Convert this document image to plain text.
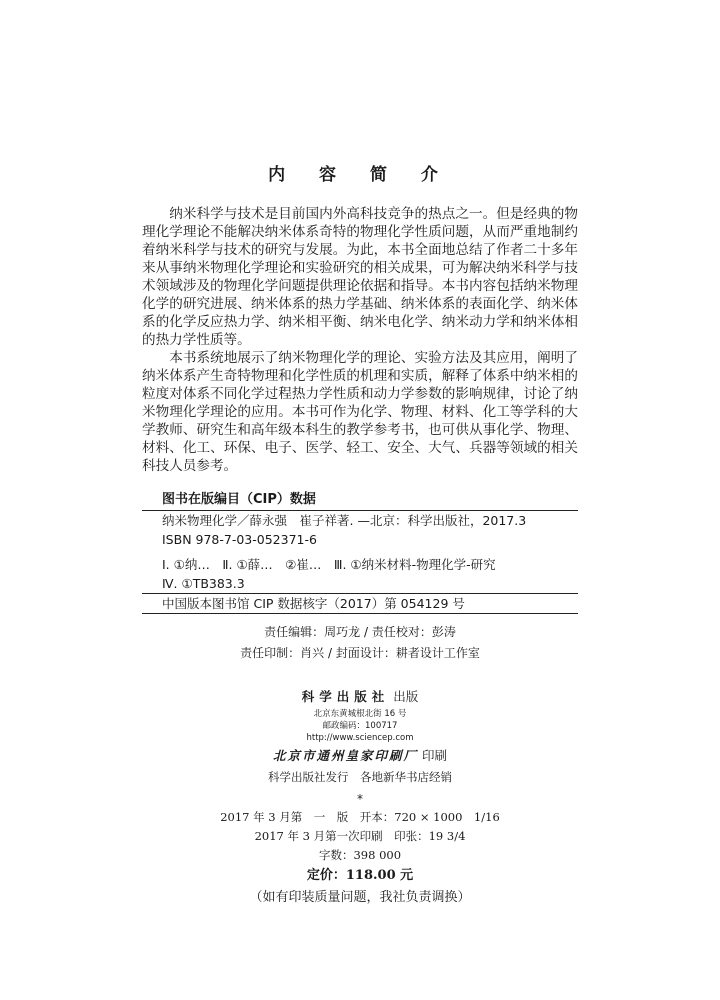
内 容 简 介

纳米科学与技术是目前国内外高科技竞争的热点之一。但是经典的物理化学理论不能解决纳米体系奇特的物理化学性质问题，从而严重地制约着纳米科学与技术的研究与发展。为此，本书全面地总结了作者二十多年来从事纳米物理化学理论和实验研究的相关成果，可为解决纳米科学与技术领域涉及的物理化学问题提供理论依据和指导。本书内容包括纳米物理化学的研究进展、纳米体系的热力学基础、纳米体系的表面化学、纳米体系的化学反应热力学、纳米相平衡、纳米电化学、纳米动力学和纳米体相的热力学性质等。

本书系统地展示了纳米物理化学的理论、实验方法及其应用，阐明了纳米体系产生奇特物理和化学性质的机理和实质，解释了体系中纳米相的粒度对体系不同化学过程热力学性质和动力学参数的影响规律，讨论了纳米物理化学理论的应用。本书可作为化学、物理、材料、化工等学科的大学教师、研究生和高年级本科生的教学参考书，也可供从事化学、物理、材料、化工、环保、电子、医学、轻工、安全、大气、兵器等领域的相关科技人员参考。

图书在版编目（CIP）数据
纳米物理化学／薛永强　崔子祥著. —北京：科学出版社，2017.3
ISBN 978-7-03-052371-6
Ⅰ. ①纳…　Ⅱ. ①薛…　②崔…　Ⅲ. ①纳米材料-物理化学-研究
Ⅳ. ①TB383.3
中国版本图书馆 CIP 数据核字（2017）第 054129 号
责任编辑：周巧龙 / 责任校对：彭涛
责任印制：肖兴 / 封面设计：耕者设计工作室
科学出版社 出版
北京东黄城根北街 16 号
邮政编码：100717
http://www.sciencep.com
北京市通州皇家印刷厂 印刷
科学出版社发行　各地新华书店经销
*
2017 年 3 月第　一　版　开本：720 × 1000　1/16
2017 年 3 月第一次印刷　印张：19 3/4
字数：398 000
定价：118.00 元
（如有印装质量问题，我社负责调换）
